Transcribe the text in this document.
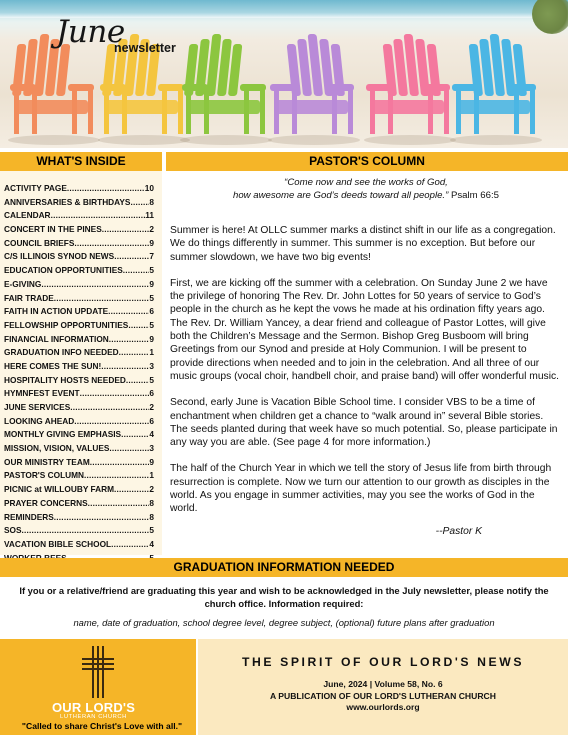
June
newsletter
WHAT'S INSIDE	PASTOR'S COLUMN
ACTIVITY PAGE .....	10
ANNIVERSARIES & BIRTHDAYS ..... 8
CALENDAR .....	11
CONCERT IN THE PINES .....	2
COUNCIL BRIEFS .....	9
C/S ILLINOIS SYNOD NEWS .....	7
EDUCATION OPPORTUNITIES .....	5
E-GIVING .....	9
FAIR TRADE .....	5
FAITH IN ACTION UPDATE .....	6
FELLOWSHIP OPPORTUNITIES .....	5
FINANCIAL INFORMATION .....	9
GRADUATION INFO NEEDED .....	1
HERE COMES THE SUN! .....	3
HOSPITALITY HOSTS NEEDED .....	5
HYMNFEST EVENT .....	6
JUNE SERVICES .....	2
LOOKING AHEAD .....	6
MONTHLY GIVING EMPHASIS .....	4
MISSION, VISION, VALUES .....	3
OUR MINISTRY TEAM .....	9
PASTOR'S COLUMN .....	1
PICNIC at WILLOUBY FARM .....	2
PRAYER CONCERNS .....	8
REMINDERS .....	8
SOS .....	5
VACATION BIBLE SCHOOL .....	4
.....
“Come now and see the works of God,
how awesome are God’s deeds toward all people.” Psalm 66:5

Summer is here! At OLLC summer marks a distinct shift in our life as a congregation. We do things differently in summer. This summer is no exception. But before our summer slowdown, we have two big events!

First, we are kicking off the summer with a celebration. On Sunday June 2 we have the privilege of honoring The Rev. Dr. John Lottes for 50 years of service to God’s people in the church as he kept the vows he made at his ordination fifty years ago. The Rev. Dr. William Yancey, a dear friend and colleague of Pastor Lottes, will give both the Children’s Message and the Sermon. Bishop Greg Busboom will bring Greetings from our Synod and preside at Holy Communion. I will be present to provide directions when needed and to join in the celebration. And all three of our music groups (vocal choir, handbell choir, and praise band) will offer wonderful music.

Second, early June is Vacation Bible School time. I consider VBS to be a time of enchantment when children get a chance to “walk around in” several Bible stories. The seeds planted during that week have so much potential. So, please participate in any way you are able. (See page 4 for more information.)

The half of the Church Year in which we tell the story of Jesus life from birth through resurrection is complete. Now we turn our attention to our growth as disciples in the world. As you engage in summer activities, may you see the works of God in the world.

--Pastor K
GRADUATION INFORMATION NEEDED
If you or a relative/friend are graduating this year and wish to be acknowledged in the July newsletter, please notify the church office. Information required:
name, date of graduation, school degree level, degree subject, (optional) future plans after graduation
OUR LORD'S
LUTHERAN CHURCH
"Called to share Christ's Love with all."
THE SPIRIT OF OUR LORD'S NEWS
June, 2024 | Volume 58, No. 6
A PUBLICATION OF OUR LORD'S LUTHERAN CHURCH
www.ourlords.org
